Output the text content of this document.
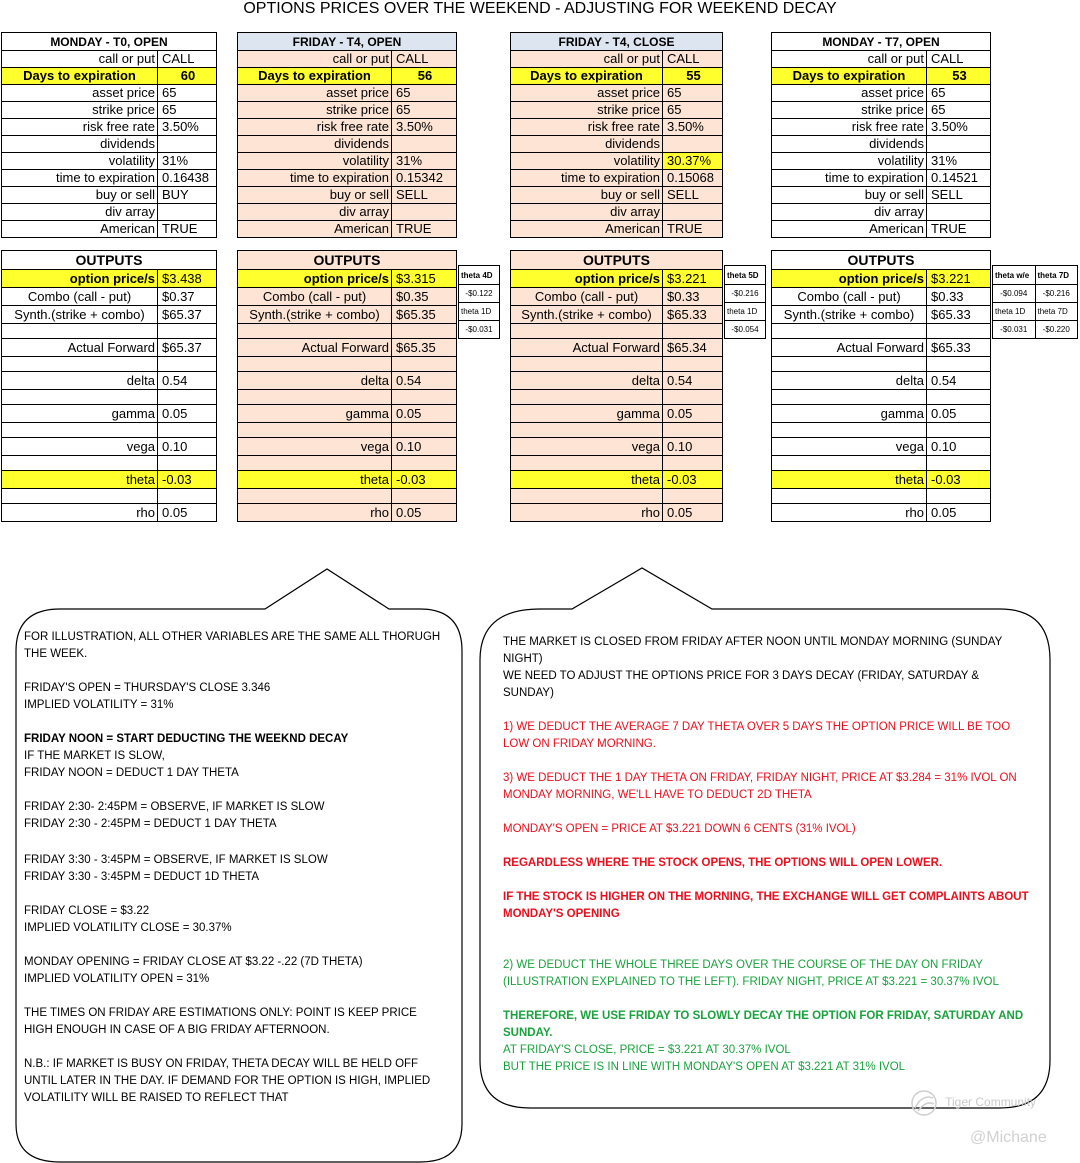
OPTIONS PRICES OVER THE WEEKEND - ADJUSTING FOR WEEKEND DECAY
MONDAY - T0, OPEN	
call or put	CALL
Days to expiration	60
asset price	65
strike price	65
risk free rate	3.50%
dividends	
volatility	31%
time to expiration	0.16438
buy or sell	BUY
div array	
American	TRUE
OUTPUTS	
option price/s	$3.438
Combo (call - put)	$0.37
Synth.(strike + combo)	$65.37

Actual Forward	$65.37

delta	0.54

gamma	0.05

vega	0.10

theta	-0.03

rho	0.05
FRIDAY - T4, OPEN	
call or put	CALL
Days to expiration	56
asset price	65
strike price	65
risk free rate	3.50%
dividends	
volatility	31%
time to expiration	0.15342
buy or sell	SELL
div array	
American	TRUE
OUTPUTS	
option price/s	$3.315
Combo (call - put)	$0.35
Synth.(strike + combo)	$65.35

Actual Forward	$65.35

delta	0.54

gamma	0.05

vega	0.10

theta	-0.03

rho	0.05
FRIDAY - T4, CLOSE	
call or put	CALL
Days to expiration	55
asset price	65
strike price	65
risk free rate	3.50%
dividends	
volatility	30.37%
time to expiration	0.15068
buy or sell	SELL
div array	
American	TRUE
OUTPUTS	
option price/s	$3.221
Combo (call - put)	$0.33
Synth.(strike + combo)	$65.33

Actual Forward	$65.34

delta	0.54

gamma	0.05

vega	0.10

theta	-0.03

rho	0.05
MONDAY - T7, OPEN	
call or put	CALL
Days to expiration	53
asset price	65
strike price	65
risk free rate	3.50%
dividends	
volatility	31%
time to expiration	0.14521
buy or sell	SELL
div array	
American	TRUE
OUTPUTS	
option price/s	$3.221
Combo (call - put)	$0.33
Synth.(strike + combo)	$65.33

Actual Forward	$65.33

delta	0.54

gamma	0.05

vega	0.10

theta	-0.03

rho	0.05
theta 4D
-$0.122
theta 1D
-$0.031
theta 5D
-$0.216
theta 1D
-$0.054
theta w/e	theta 7D
-$0.094	-$0.216
theta 1D	theta 7D
-$0.031	-$0.220

FOR ILLUSTRATION, ALL OTHER VARIABLES ARE THE SAME ALL THORUGH THE WEEK.

FRIDAY'S OPEN = THURSDAY'S CLOSE 3.346
IMPLIED VOLATILITY = 31%

FRIDAY NOON = START DEDUCTING THE WEEKND DECAY

IF THE MARKET IS SLOW,
FRIDAY NOON = DEDUCT 1 DAY THETA

FRIDAY 2:30- 2:45PM = OBSERVE, IF MARKET IS SLOW
FRIDAY 2:30 - 2:45PM = DEDUCT 1 DAY THETA

FRIDAY 3:30 - 3:45PM = OBSERVE, IF MARKET IS SLOW
FRIDAY 3:30 - 3:45PM = DEDUCT 1D THETA

FRIDAY CLOSE = $3.22
IMPLIED VOLATILITY CLOSE = 30.37%

MONDAY OPENING = FRIDAY CLOSE AT $3.22 -.22 (7D THETA)
IMPLIED VOLATILITY OPEN = 31%

THE TIMES ON FRIDAY ARE ESTIMATIONS ONLY: POINT IS KEEP PRICE HIGH ENOUGH IN CASE OF A BIG FRIDAY AFTERNOON.

N.B.: IF MARKET IS BUSY ON FRIDAY, THETA DECAY WILL BE HELD OFF UNTIL LATER IN THE DAY. IF DEMAND FOR THE OPTION IS HIGH, IMPLIED VOLATILITY WILL BE RAISED TO REFLECT THAT

THE MARKET IS CLOSED FROM FRIDAY AFTER NOON UNTIL MONDAY MORNING (SUNDAY NIGHT)
WE NEED TO ADJUST THE OPTIONS PRICE FOR 3 DAYS DECAY (FRIDAY, SATURDAY & SUNDAY)

1) WE DEDUCT THE AVERAGE 7 DAY THETA OVER 5 DAYS THE OPTION PRICE WILL BE TOO LOW ON FRIDAY MORNING.

3) WE DEDUCT THE 1 DAY THETA ON FRIDAY, FRIDAY NIGHT, PRICE AT $3.284 = 31% IVOL ON MONDAY MORNING, WE'LL HAVE TO DEDUCT 2D THETA

MONDAY'S OPEN = PRICE AT $3.221 DOWN 6 CENTS (31% IVOL)

REGARDLESS WHERE THE STOCK OPENS, THE OPTIONS WILL OPEN LOWER.

IF THE STOCK IS HIGHER ON THE MORNING, THE EXCHANGE WILL GET COMPLAINTS ABOUT MONDAY'S OPENING

2) WE DEDUCT THE WHOLE THREE DAYS OVER THE COURSE OF THE DAY ON FRIDAY (ILLUSTRATION EXPLAINED TO THE LEFT). FRIDAY NIGHT, PRICE AT $3.221 = 30.37% IVOL

THEREFORE, WE USE FRIDAY TO SLOWLY DECAY THE OPTION FOR FRIDAY, SATURDAY AND SUNDAY.

AT FRIDAY'S CLOSE, PRICE = $3.221 AT 30.37% IVOL
BUT THE PRICE IS IN LINE WITH MONDAY'S OPEN AT $3.221 AT 31% IVOL

Tiger Community
@Michane
